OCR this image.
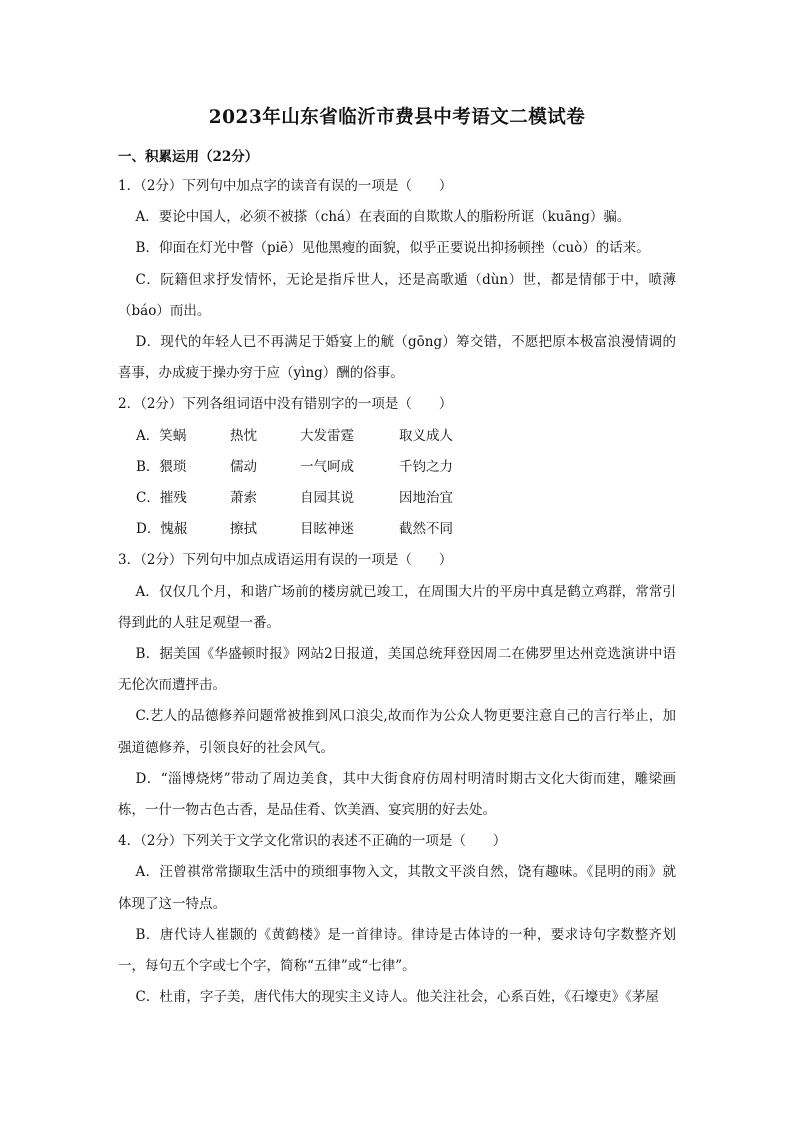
2023年山东省临沂市费县中考语文二模试卷
一、积累运用（22分）

1．（2分）下列句中加点字的读音有误的一项是（　　）

A．要论中国人，必须不被搽（chá）在表面的自欺欺人的脂粉所诓（kuāng）骗。

B．仰面在灯光中瞥（piē）见他黑瘦的面貌，似乎正要说出抑扬顿挫（cuò）的话来。

C．阮籍但求抒发情怀，无论是指斥世人，还是高歌遁（dùn）世，都是情郁于中，喷薄（báo）而出。

D．现代的年轻人已不再满足于婚宴上的觥（gōng）筹交错，不愿把原本极富浪漫情调的喜事，办成疲于操办穷于应（yìng）酬的俗事。

2．（2分）下列各组词语中没有错别字的一项是（　　）

A．笑蜗	热忱	大发雷霆	取义成人
B．猥琐	儒动	一气呵成	千钧之力
C．摧残	萧索	自园其说	因地治宜
D．愧赧	擦拭	目眩神迷	截然不同

3．（2分）下列句中加点成语运用有误的一项是（　　）

A．仅仅几个月，和谐广场前的楼房就已竣工，在周围大片的平房中真是鹤立鸡群，常常引得到此的人驻足观望一番。

B．据美国《华盛顿时报》网站2日报道，美国总统拜登因周二在佛罗里达州竞选演讲中语无伦次而遭抨击。

C.艺人的品德修养问题常被推到风口浪尖,故而作为公众人物更要注意自己的言行举止，加强道德修养，引领良好的社会风气。

D．“淄博烧烤”带动了周边美食，其中大街食府仿周村明清时期古文化大街而建，雕梁画栋，一什一物古色古香，是品佳肴、饮美酒、宴宾朋的好去处。

4．（2分）下列关于文学文化常识的表述不正确的一项是（　　）

A．汪曾祺常常撷取生活中的琐细事物入文，其散文平淡自然，饶有趣味。《昆明的雨》就体现了这一特点。

B．唐代诗人崔颢的《黄鹤楼》是一首律诗。律诗是古体诗的一种，要求诗句字数整齐划一，每句五个字或七个字，简称“五律”或“七律”。

C．杜甫，字子美，唐代伟大的现实主义诗人。他关注社会，心系百姓，《石壕吏》《茅屋
